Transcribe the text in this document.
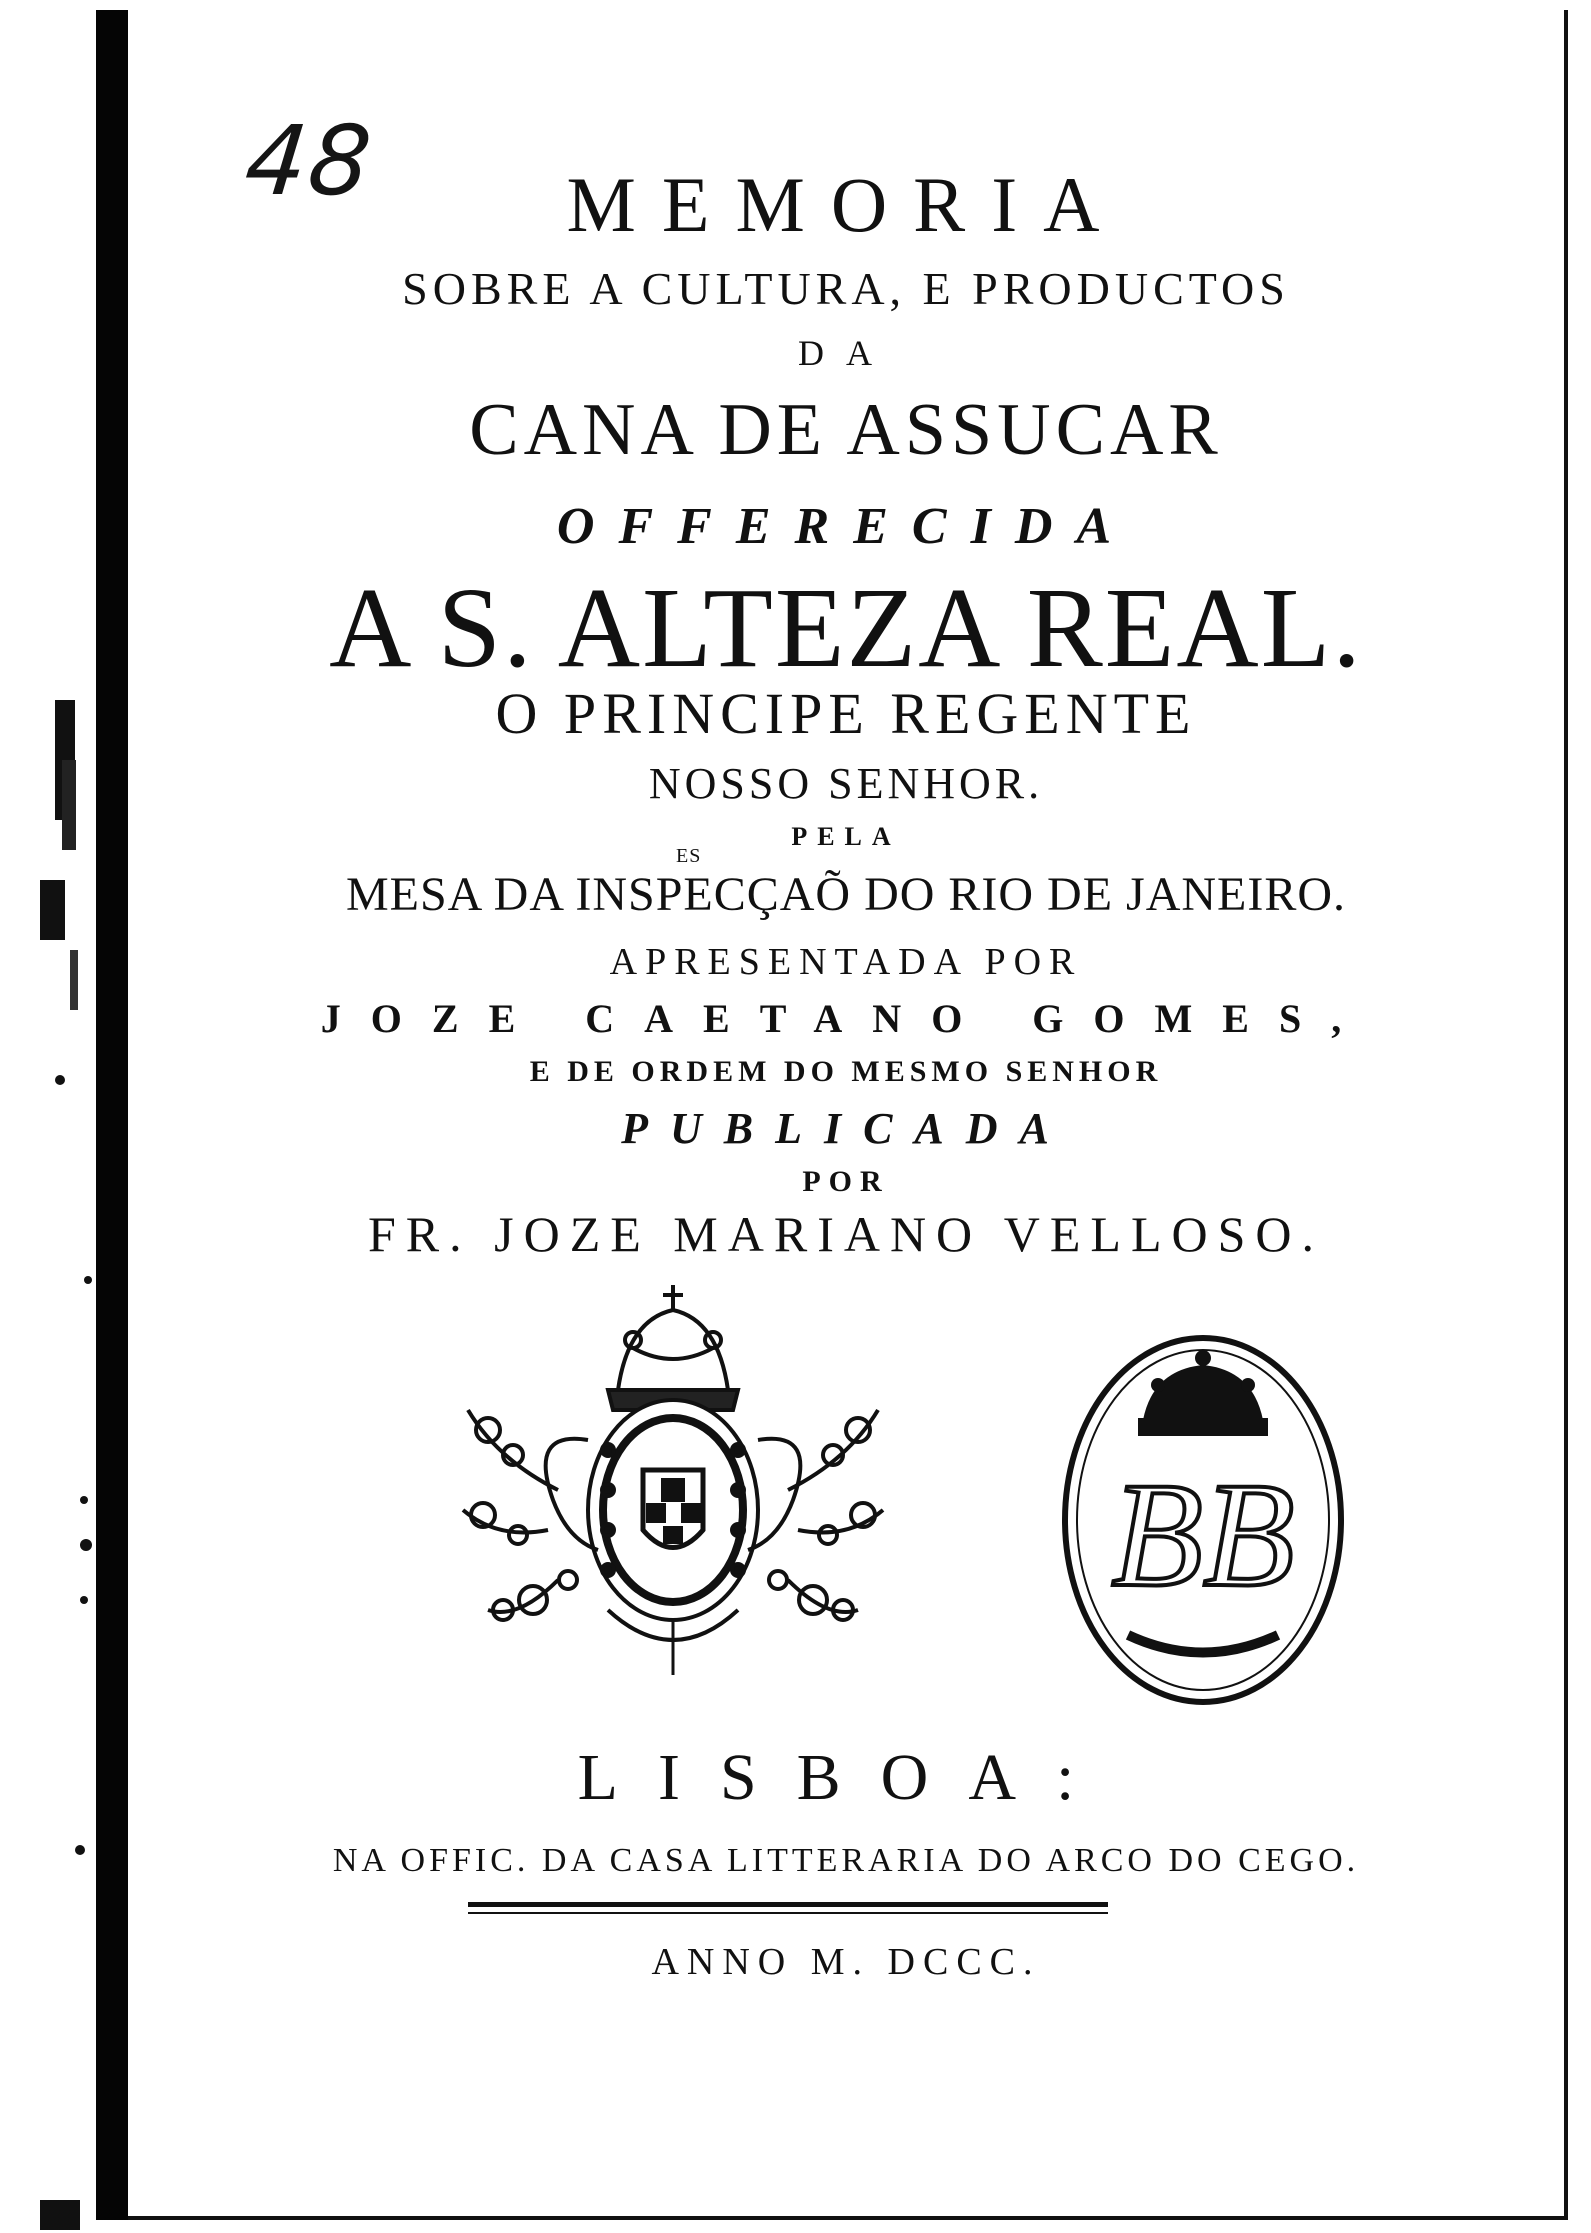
48	MEMORIA
SOBRE A CULTURA, E PRODUCTOS
DA
CANA DE ASSUCAR
OFFERECIDA
A S. ALTEZA REAL.
O PRINCIPE REGENTE
NOSSO SENHOR.
PELA
MESA DA INSPECÇAÕ DO RIO DE JANEIRO.
ES
APRESENTADA POR
JOZE CAETANO GOMES,
E DE ORDEM DO MESMO SENHOR
PUBLICADA
POR
FR. JOZE MARIANO VELLOSO.
BB
LISBOA:
NA OFFIC. DA CASA LITTERARIA DO ARCO DO CEGO.
ANNO M. DCCC.
